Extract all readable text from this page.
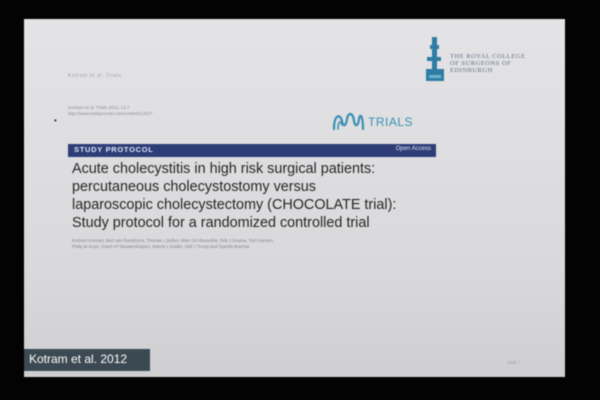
Kotram et al. Trials
THE ROYAL COLLEGE
OF SURGEONS OF
EDINBURGH
Kortram et al. Trials 2012, 13:7
http://www.trialsjournal.com/content/13/1/7
•	TRIALS
STUDY PROTOCOL	Open Access
Acute cholecystitis in high risk surgical patients:
percutaneous cholecystostomy versus
laparoscopic cholecystectomy (CHOCOLATE trial):
Study protocol for a randomized controlled trial
Kortram Kortram, Bert van Ramshorst, Thomas L Bollen, Marc GH Besselink, Dirk J Gouma, Tom Karsten,
Philip M Kruyt, Grard AP Nieuwenhuijzen, Marnix L Kelder, Olaf J Tromp and Djamila Boerma
Kotram et al. 2012	Slide 7
